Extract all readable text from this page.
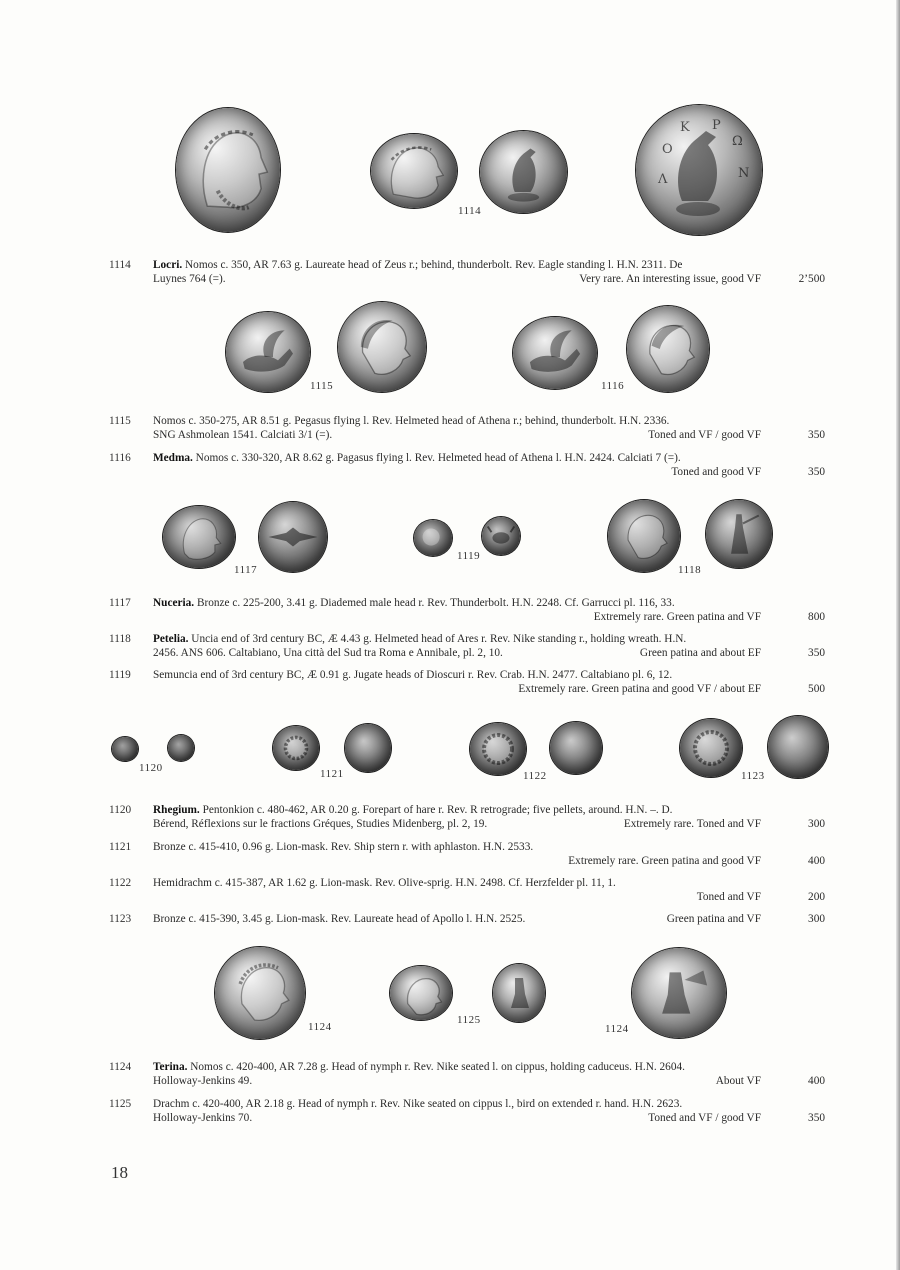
Λ
Ο
Κ Ρ
Ω
Ν
1114
1114	Locri. Nomos c. 350, AR 7.63 g. Laureate head of Zeus r.; behind, thunderbolt. Rev. Eagle standing l. H.N. 2311. De
Luynes 764 (=).	Very rare. An interesting issue, good VF	2’500
1115	1116
1115	Nomos c. 350-275, AR 8.51 g. Pegasus flying l. Rev. Helmeted head of Athena r.; behind, thunderbolt. H.N. 2336.
SNG Ashmolean 1541. Calciati 3/1 (=).	Toned and VF / good VF	350
1116	Medma. Nomos c. 330-320, AR 8.62 g. Pagasus flying l. Rev. Helmeted head of Athena l. H.N. 2424. Calciati 7 (=).
Toned and good VF	350
1117
1119
1118
1117	Nuceria. Bronze c. 225-200, 3.41 g. Diademed male head r. Rev. Thunderbolt. H.N. 2248. Cf. Garrucci pl. 116, 33.
Extremely rare. Green patina and VF	800
1118	Petelia. Uncia end of 3rd century BC, Æ 4.43 g. Helmeted head of Ares r. Rev. Nike standing r., holding wreath. H.N.
2456. ANS 606. Caltabiano, Una città del Sud tra Roma e Annibale, pl. 2, 10.	Green patina and about EF	350
1119	Semuncia end of 3rd century BC, Æ 0.91 g. Jugate heads of Dioscuri r. Rev. Crab. H.N. 2477. Caltabiano pl. 6, 12.
Extremely rare. Green patina and good VF / about EF	500
1120	1121	1122	1123
1120	Rhegium. Pentonkion c. 480-462, AR 0.20 g. Forepart of hare r. Rev. R retrograde; five pellets, around. H.N. –. D.
Bérend, Réflexions sur le fractions Gréques, Studies Midenberg, pl. 2, 19.	Extremely rare. Toned and VF	300
1121	Bronze c. 415-410, 0.96 g. Lion-mask. Rev. Ship stern r. with aphlaston. H.N. 2533.
Extremely rare. Green patina and good VF	400
1122	Hemidrachm c. 415-387, AR 1.62 g. Lion-mask. Rev. Olive-sprig. H.N. 2498. Cf. Herzfelder pl. 11, 1.
Toned and VF	200
1123	Bronze c. 415-390, 3.45 g. Lion-mask. Rev. Laureate head of Apollo l. H.N. 2525.	Green patina and VF	300
1124
1125
1124
1124	Terina. Nomos c. 420-400, AR 7.28 g. Head of nymph r. Rev. Nike seated l. on cippus, holding caduceus. H.N. 2604.
Holloway-Jenkins 49.	About VF	400
1125	Drachm c. 420-400, AR 2.18 g. Head of nymph r. Rev. Nike seated on cippus l., bird on extended r. hand. H.N. 2623.
Holloway-Jenkins 70.	Toned and VF / good VF	350
18
